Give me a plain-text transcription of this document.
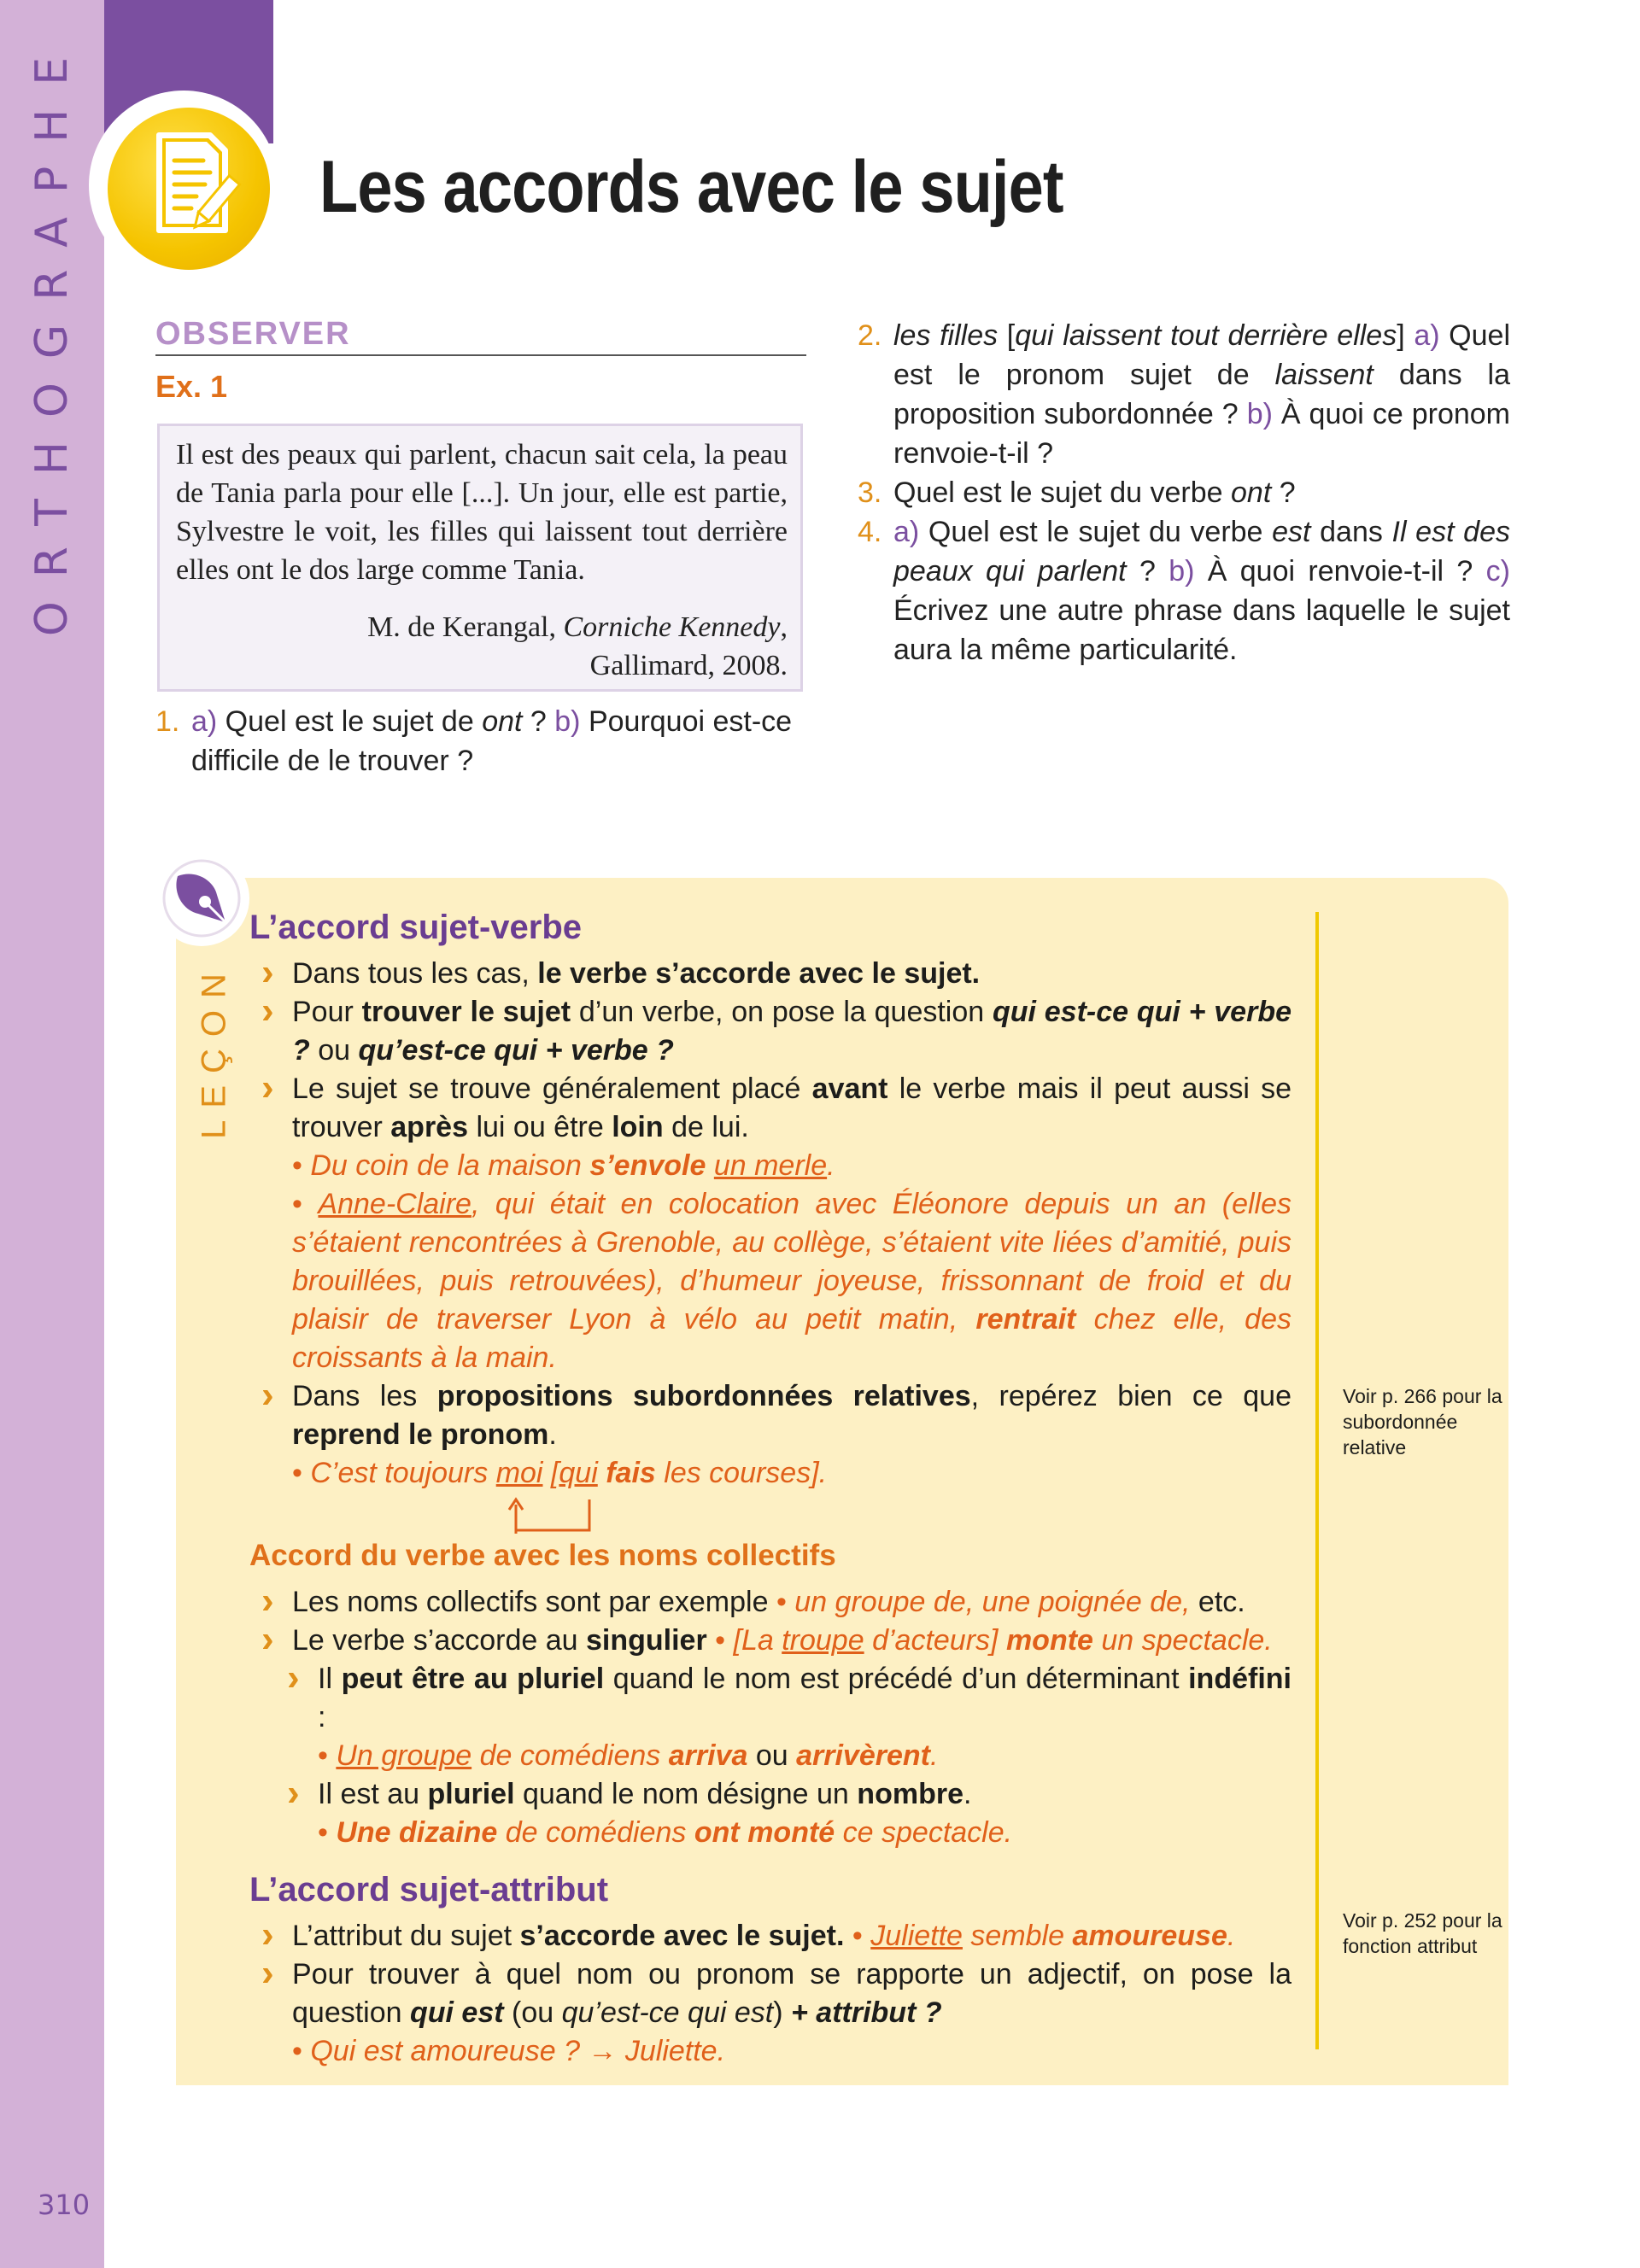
ORTHOGRAPHE
310
Les accords avec le sujet
OBSERVER
Ex. 1
Il est des peaux qui parlent, chacun sait cela, la peau de Tania parla pour elle [...]. Un jour, elle est partie, Sylvestre le voit, les filles qui laissent tout derrière elles ont le dos large comme Tania.
M. de Kerangal, Corniche Kennedy, Gallimard, 2008.
1. a) Quel est le sujet de ont ? b) Pourquoi est-ce difficile de le trouver ?
2. les filles [qui laissent tout derrière elles] a) Quel est le pronom sujet de laissent dans la proposition subordonnée ? b) À quoi ce pronom renvoie-t-il ?
3. Quel est le sujet du verbe ont ?
4. a) Quel est le sujet du verbe est dans Il est des peaux qui parlent ? b) À quoi renvoie-t-il ? c) Écrivez une autre phrase dans laquelle le sujet aura la même particularité.
LEÇON
L’accord sujet-verbe
› Dans tous les cas, le verbe s’accorde avec le sujet.
› Pour trouver le sujet d’un verbe, on pose la question qui est-ce qui + verbe ? ou qu’est-ce qui + verbe ?
› Le sujet se trouve généralement placé avant le verbe mais il peut aussi se trouver après lui ou être loin de lui.
• Du coin de la maison s’envole un merle.
• Anne-Claire, qui était en colocation avec Éléonore depuis un an (elles s’étaient rencontrées à Grenoble, au collège, s’étaient vite liées d’amitié, puis brouillées, puis retrouvées), d’humeur joyeuse, frissonnant de froid et du plaisir de traverser Lyon à vélo au petit matin, rentrait chez elle, des croissants à la main.
› Dans les propositions subordonnées relatives, repérez bien ce que reprend le pronom.
• C’est toujours moi [qui fais les courses].
Accord du verbe avec les noms collectifs
› Les noms collectifs sont par exemple • un groupe de, une poignée de, etc.
› Le verbe s’accorde au singulier • [La troupe d’acteurs] monte un spectacle.
› Il peut être au pluriel quand le nom est précédé d’un déterminant indéfini :
• Un groupe de comédiens arriva ou arrivèrent.
› Il est au pluriel quand le nom désigne un nombre.
• Une dizaine de comédiens ont monté ce spectacle.
L’accord sujet-attribut
› L’attribut du sujet s’accorde avec le sujet. • Juliette semble amoureuse.
› Pour trouver à quel nom ou pronom se rapporte un adjectif, on pose la question qui est (ou qu’est-ce qui est) + attribut ?
• Qui est amoureuse ? → Juliette.
Voir p. 266 pour la subordonnée relative
Voir p. 252 pour la fonction attribut
